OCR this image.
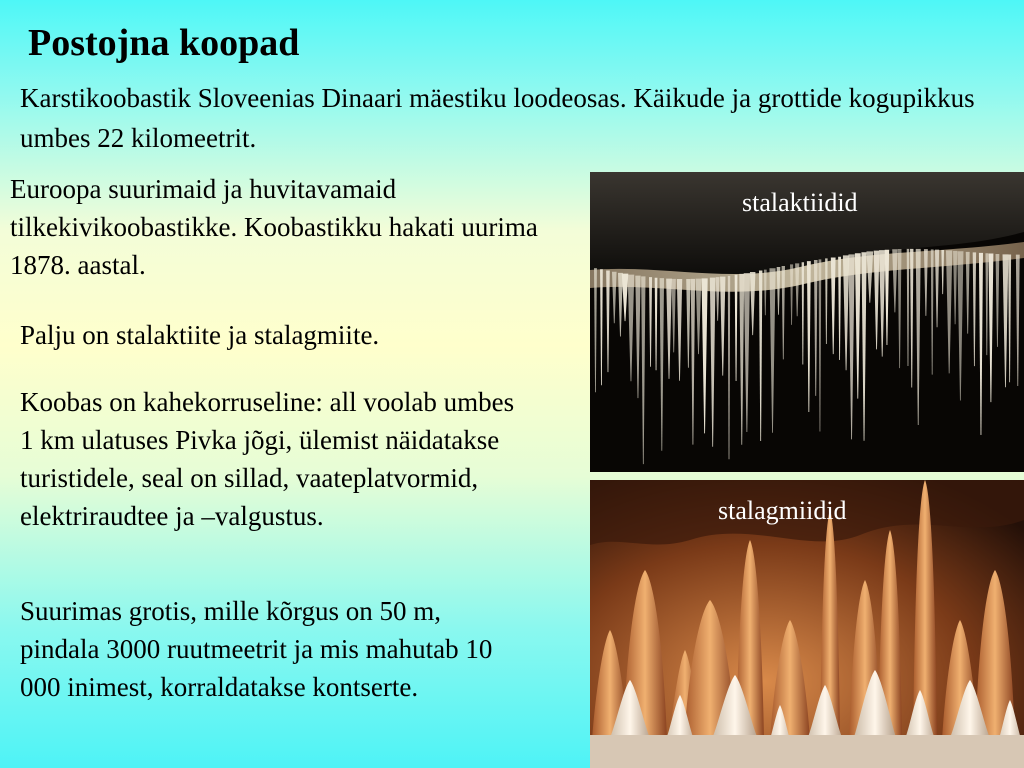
Postojna koopad
Karstikoobastik Sloveenias Dinaari mäestiku loodeosas. Käikude ja grottide kogupikkus umbes 22 kilomeetrit.
Euroopa suurimaid ja huvitavamaid tilkekivikoobastikke. Koobastikku hakati uurima 1878. aastal.
Palju on stalaktiite ja stalagmiite.
Koobas on kahekorruseline: all voolab umbes 1 km ulatuses Pivka jõgi, ülemist näidatakse turistidele, seal on sillad, vaateplatvormid, elektriraudtee ja –valgustus.
Suurimas grotis, mille kõrgus on 50 m, pindala 3000 ruutmeetrit ja mis mahutab 10 000 inimest, korraldatakse kontserte.
stalaktiidid
stalagmiidid
